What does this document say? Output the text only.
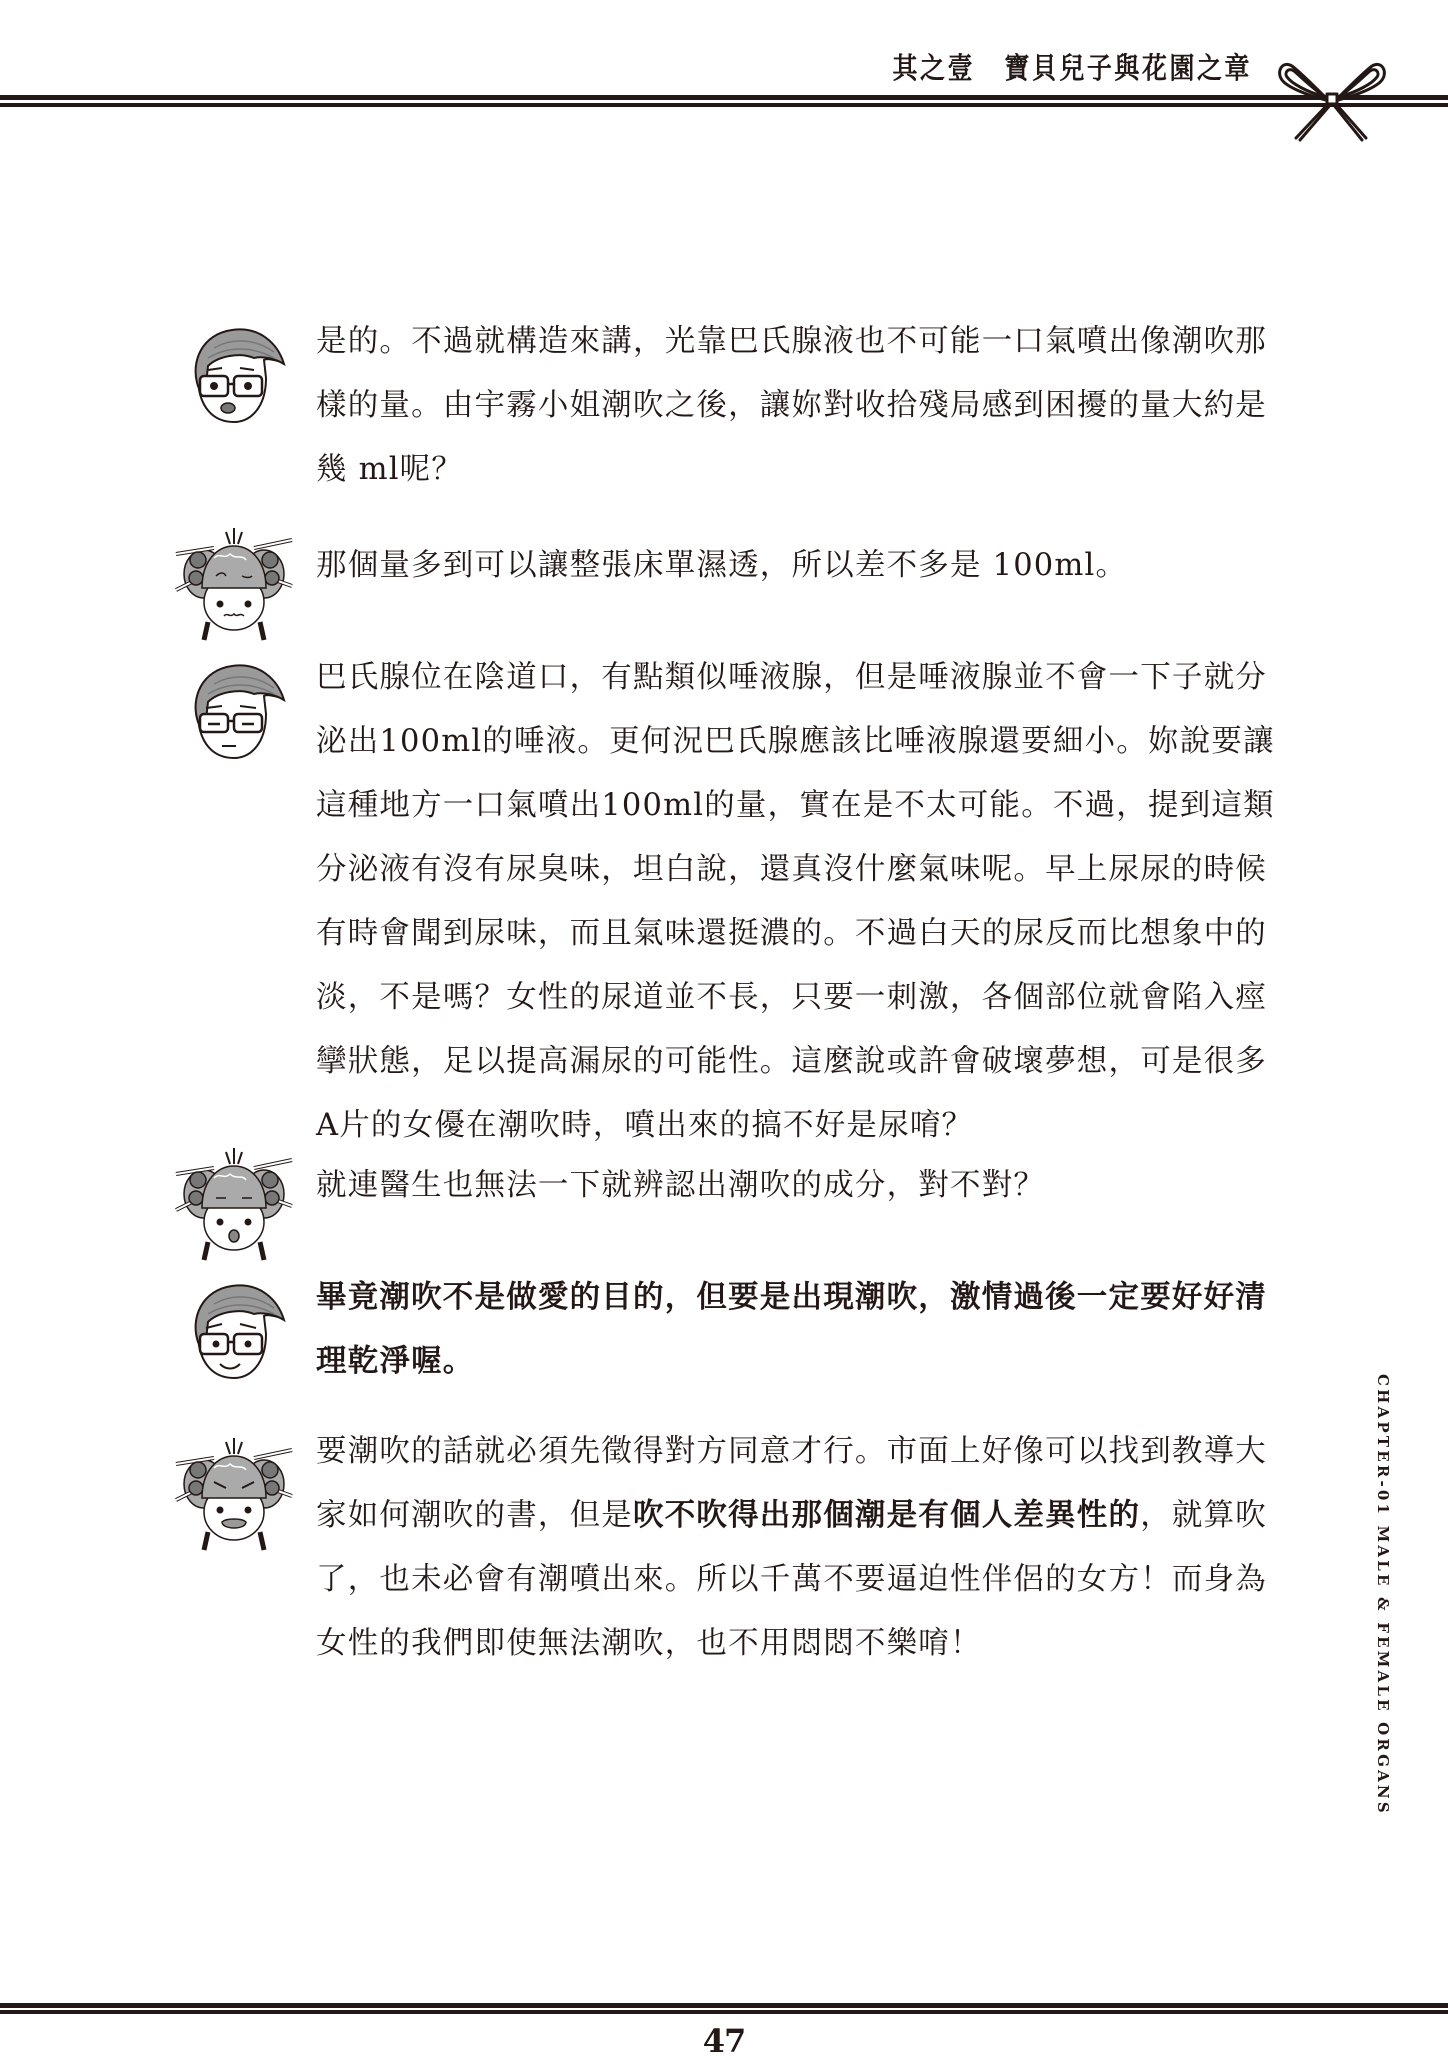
其之壹 寶貝兒子與花園之章

是的。不過就構造來講，光靠巴氏腺液也不可能一口氣噴出像潮吹那

樣的量。由宇霧小姐潮吹之後，讓妳對收拾殘局感到困擾的量大約是

幾 ml呢？

那個量多到可以讓整張床單濕透，所以差不多是 100ml。

巴氏腺位在陰道口，有點類似唾液腺，但是唾液腺並不會一下子就分

泌出100ml的唾液。更何況巴氏腺應該比唾液腺還要細小。妳說要讓

這種地方一口氣噴出100ml的量，實在是不太可能。不過，提到這類

分泌液有沒有尿臭味，坦白說，還真沒什麼氣味呢。早上尿尿的時候

有時會聞到尿味，而且氣味還挺濃的。不過白天的尿反而比想象中的

淡，不是嗎？女性的尿道並不長，只要一刺激，各個部位就會陷入痙

攣狀態，足以提高漏尿的可能性。這麼說或許會破壞夢想，可是很多

A片的女優在潮吹時，噴出來的搞不好是尿唷？

就連醫生也無法一下就辨認出潮吹的成分，對不對？

畢竟潮吹不是做愛的目的，但要是出現潮吹，激情過後一定要好好清

理乾淨喔。

要潮吹的話就必須先徵得對方同意才行。市面上好像可以找到教導大

家如何潮吹的書，但是吹不吹得出那個潮是有個人差異性的，就算吹

了，也未必會有潮噴出來。所以千萬不要逼迫性伴侶的女方！而身為

女性的我們即使無法潮吹，也不用悶悶不樂唷！	CHAPTER-01 MALE & FEMALE ORGANS
47
